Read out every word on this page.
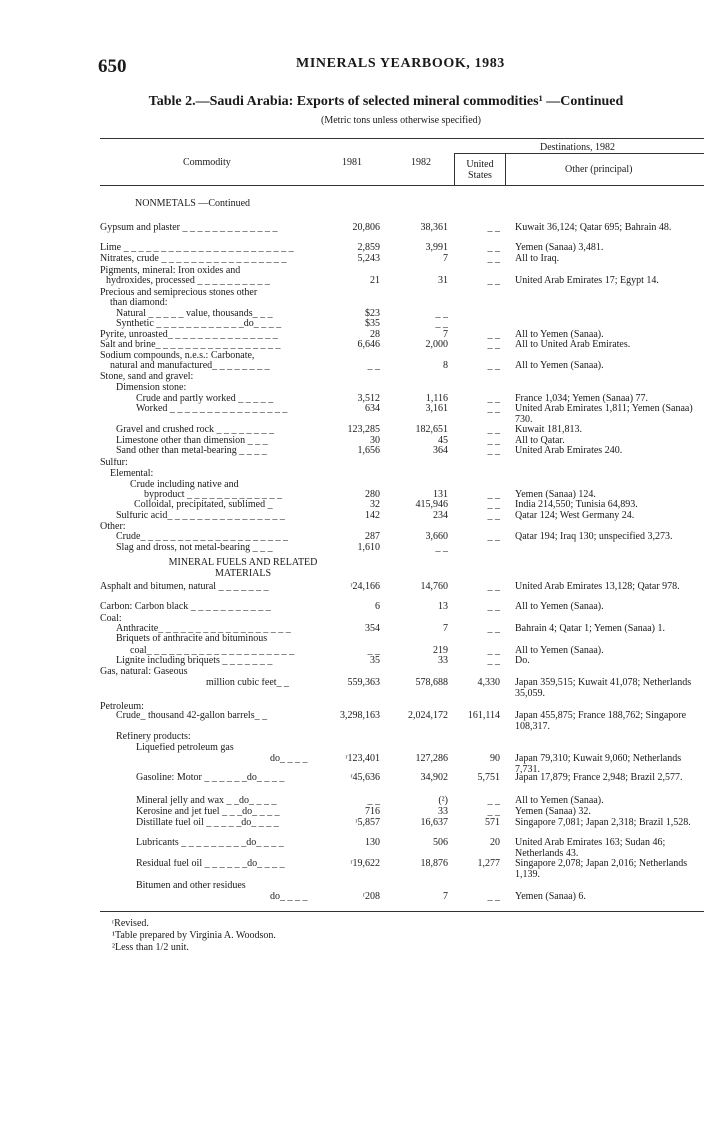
650	MINERALS YEARBOOK, 1983
Table 2.—Saudi Arabia: Exports of selected mineral commodities¹ —Continued
(Metric tons unless otherwise specified)
Commodity	1981	1982
Destinations, 1982
United States
Other (principal)
NONMETALS —Continued
MINERAL FUELS AND RELATED MATERIALS
Gypsum and plaster _ _ _ _ _ _ _ _ _ _ _ _ _	20,806	38,361	_ _ Kuwait 36,124; Qatar 695; Bahrain 48.
Lime _ _ _ _ _ _ _ _ _ _ _ _ _ _ _ _ _ _ _ _ _ _ _	2,859	3,991	_ _ Yemen (Sanaa) 3,481.
Nitrates, crude _ _ _ _ _ _ _ _ _ _ _ _ _ _ _ _ _	5,243	7	_ _ All to Iraq.
Pigments, mineral: Iron oxides and
hydroxides, processed _ _ _ _ _ _ _ _ _ _	21	31	_ _ United Arab Emirates 17; Egypt 14.
Precious and semiprecious stones other
than diamond:
Natural _ _ _ _ _ value, thousands_ _ _	$23	_ _
Synthetic _ _ _ _ _ _ _ _ _ _ _ _do_ _ _ _	$35	_ _
Pyrite, unroasted_ _ _ _ _ _ _ _ _ _ _ _ _ _ _	28	7	_ _ All to Yemen (Sanaa).
Salt and brine_ _ _ _ _ _ _ _ _ _ _ _ _ _ _ _ _	6,646	2,000	_ _ All to United Arab Emirates.
Sodium compounds, n.e.s.: Carbonate,
natural and manufactured_ _ _ _ _ _ _ _	_ _	8	_ _ All to Yemen (Sanaa).
Stone, sand and gravel:
Dimension stone:
Crude and partly worked _ _ _ _ _	3,512	1,116	_ _ France 1,034; Yemen (Sanaa) 77.
Worked _ _ _ _ _ _ _ _ _ _ _ _ _ _ _ _	634	3,161	_ _ United Arab Emirates 1,811; Yemen (Sanaa) 730.
Gravel and crushed rock _ _ _ _ _ _ _ _	123,285	182,651	_ _ Kuwait 181,813.
Limestone other than dimension _ _ _	30	45	_ _ All to Qatar.
Sand other than metal-bearing _ _ _ _	1,656	364	_ _ United Arab Emirates 240.
Sulfur:
Elemental:
Crude including native and
byproduct _ _ _ _ _ _ _ _ _ _ _ _ _	280	131	_ _ Yemen (Sanaa) 124.
Colloidal, precipitated, sublimed _	32	415,946	_ _ India 214,550; Tunisia 64,893.
Sulfuric acid_ _ _ _ _ _ _ _ _ _ _ _ _ _ _ _	142	234	_ _ Qatar 124; West Germany 24.
Other:
Crude_ _ _ _ _ _ _ _ _ _ _ _ _ _ _ _ _ _ _ _	287	3,660	_ _ Qatar 194; Iraq 130; unspecified 3,273.
Slag and dross, not metal-bearing _ _ _	1,610	_ _
Asphalt and bitumen, natural _ _ _ _ _ _ _	ʳ24,166	14,760	_ _ United Arab Emirates 13,128; Qatar 978.
Carbon: Carbon black _ _ _ _ _ _ _ _ _ _ _	6	13	_ _ All to Yemen (Sanaa).
Coal:
Anthracite_ _ _ _ _ _ _ _ _ _ _ _ _ _ _ _ _ _	354	7	_ _ Bahrain 4; Qatar 1; Yemen (Sanaa) 1.
Briquets of anthracite and bituminous
coal_ _ _ _ _ _ _ _ _ _ _ _ _ _ _ _ _ _ _ _	_ _	219	_ _ All to Yemen (Sanaa).
Lignite including briquets _ _ _ _ _ _ _	35	33	_ _ Do.
Gas, natural: Gaseous
million cubic feet_ _	559,363	578,688	4,330 Japan 359,515; Kuwait 41,078; Netherlands 35,059.
Petroleum:
Crude_ thousand 42-gallon barrels_ _	3,298,163	2,024,172	161,114 Japan 455,875; France 188,762; Singapore 108,317.
Refinery products:
Liquefied petroleum gas
do_ _ _ _	ʳ123,401	127,286	90 Japan 79,310; Kuwait 9,060; Netherlands 7,731.
Gasoline: Motor _ _ _ _ _ _do_ _ _ _	ʳ45,636	34,902	5,751 Japan 17,879; France 2,948; Brazil 2,577.
Mineral jelly and wax _ _do_ _ _ _	_ _	(²)	_ _ All to Yemen (Sanaa).
Kerosine and jet fuel _ _ _do_ _ _ _	716	33	_ _ Yemen (Sanaa) 32.
Distillate fuel oil _ _ _ _ _do_ _ _ _	ʳ5,857	16,637	571 Singapore 7,081; Japan 2,318; Brazil 1,528.
Lubricants _ _ _ _ _ _ _ _ _do_ _ _ _	130	506	20 United Arab Emirates 163; Sudan 46; Netherlands 43.
Residual fuel oil _ _ _ _ _ _do_ _ _ _	ʳ19,622	18,876	1,277 Singapore 2,078; Japan 2,016; Netherlands 1,139.
Bitumen and other residues
do_ _ _ _	ʳ208	7	_ _ Yemen (Sanaa) 6.
ʳRevised.
¹Table prepared by Virginia A. Woodson.
²Less than 1/2 unit.
